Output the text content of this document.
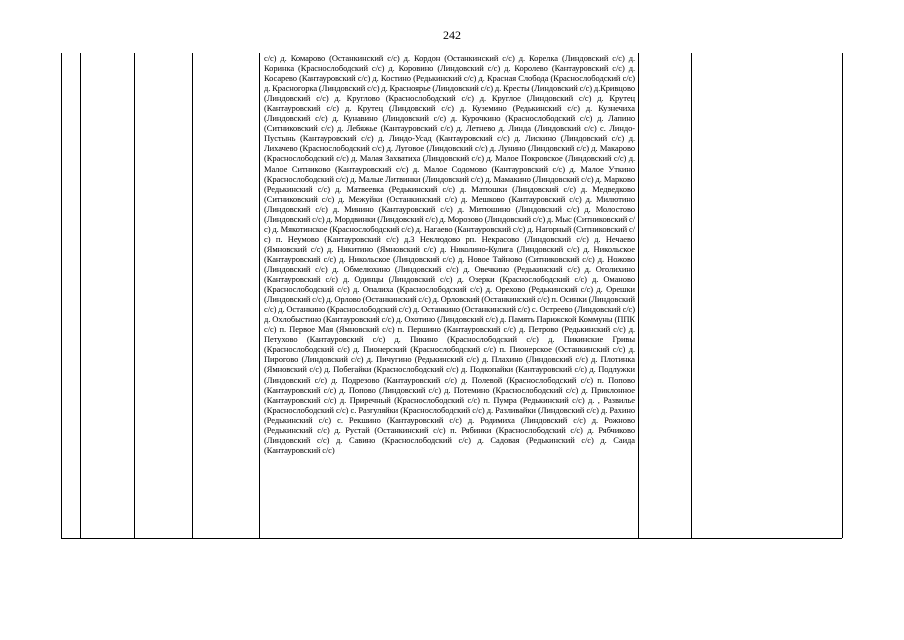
242

с/с) д. Комарово (Останкинский с/с) д. Кордон (Останкинский с/с) д. Корелка (Линдовский с/с) д. Коринка (Краснослободский с/с) д. Коровино (Линдовский с/с) д. Королево (Кантауровский с/с) д. Косарево (Кантауровский с/с) д. Костино (Редькинский с/с) д. Красная Слобода (Краснослободский с/с) д. Красногорка (Линдовский с/с) д. Красноярье (Линдовский с/с) д. Кресты (Линдовский с/с) д.Кривцово (Линдовский с/с) д. Круглово (Краснослободский с/с) д. Круглое (Линдовский с/с) д. Крутец (Кантауровский с/с) д. Крутец (Линдовский с/с) д. Куземино (Редькинский с/с) д. Кузнечиха (Линдовский с/с) д. Кунавино (Линдовский с/с) д. Курочкино (Краснослободский с/с) д. Лапино (Ситниковский с/с) д. Лебяжье (Кантауровский с/с) д. Летнево д. Линда (Линдовский с/с) с. Линдо-Пустынь (Кантауровский с/с) д. Линдо-Усад (Кантауровский с/с) д. Лискино (Линдовский с/с) д. Лихачево (Краснослободский с/с) д. Луговое (Линдовский с/с) д. Лунино (Линдовский с/с) д. Макарово (Краснослободский с/с) д. Малая Захватиха (Линдовский с/с) д. Малое Покровское (Линдовский с/с) д. Малое Ситниково (Кантауровский с/с) д. Малое Содомово (Кантауровский с/с) д. Малое Уткино (Краснослободский с/с) д. Малые Литвинки (Линдовский с/с) д. Мамакино (Линдовский с/с) д. Марково (Редькинский с/с) д. Матвеевка (Редькинский с/с) д. Матюшки (Линдовский с/с) д. Медведково (Ситниковский с/с) д. Межуйки (Останкинский с/с) д. Мешково (Кантауровский с/с) д. Милютино (Линдовский с/с) д. Минино (Кантауровский с/с) д. Митюшино (Линдовский с/с) д. Молостово (Линдовский с/с) д. Мордвинки (Линдовский с/с) д. Морозово (Линдовский с/с) д. Мыс (Ситниковский с/с) д. Мякотинское (Краснослободский с/с) д. Нагаево (Кантауровский с/с) д. Нагорный (Ситниковский с/с) п. Неумово (Кантауровский с/с) д.3 Неклюдово рп. Некрасово (Линдовский с/с) д. Нечаево (Ямновский с/с) д. Никитино (Ямновский с/с) д. Николино-Кулига (Линдовский с/с) д. Никольское (Кантауровский с/с) д. Никольское (Линдовский с/с) д. Новое Тайново (Ситниковский с/с) д. Ножово (Линдовский с/с) д. Обмелюхино (Линдовский с/с) д. Овечкино (Редькинский с/с) д. Оголихино (Кантауровский с/с) д. Одинцы (Линдовский с/с) д. Озерки (Краснослободский с/с) д. Оманово (Краснослободский с/с) д. Опалиха (Краснослободский с/с) д. Орехово (Редькинский с/с) д. Орешки (Линдовский с/с) д. Орлово (Останкинский с/с) д. Орловский (Останкинский с/с) п. Осинки (Линдовский с/с) д. Останкино (Краснослободский с/с) д. Останкино (Останкинский с/с) с. Остреево (Линдовский с/с) д. Охлобыстино (Кантауровский с/с) д. Охотино (Линдовский с/с) д. Память Парижской Коммуны (ППК с/с) п. Первое Мая (Ямновский с/с) п. Першино (Кантауровский с/с) д. Петрово (Редькинский с/с) д. Петухово (Кантауровский с/с) д. Пикино (Краснослободский с/с) д. Пикинские Гривы (Краснослободский с/с) д. Пионерский (Краснослободский с/с) п. Пионерское (Останкинский с/с) д. Пирогово (Линдовский с/с) д. Пичугино (Редькинский с/с) д. Плахино (Линдовский с/с) д. Плотинка (Ямновский с/с) д. Побегайки (Краснослободский с/с) д. Подкопайки (Кантауровский с/с) д. Подлужки (Линдовский с/с) д. Подрезово (Кантауровский с/с) д. Полевой (Краснослободский с/с) п. Попово (Кантауровский с/с) д. Попово (Линдовский с/с) д. Потемино (Краснослободский с/с) д. Приклонное (Кантауровский с/с) д. Приречный (Краснослободский с/с) п. Пумра (Редькинский с/с) д. , Развилье (Краснослободский с/с) с. Разгуляйки (Краснослободский с/с) д. Разливайки (Линдовский с/с) д. Рахино (Редькинский с/с) с. Рекшино (Кантауровский с/с) д. Родимиха (Линдовский с/с) д. Рожново (Редькинский с/с) д. Рустай (Останкинский с/с) п. Рябинки (Краснослободский с/с) д. Рябчиково (Линдовский с/с) д. Савино (Краснослободский с/с) д. Садовая (Редькинский с/с) д. Саида (Кантауровский с/с)
